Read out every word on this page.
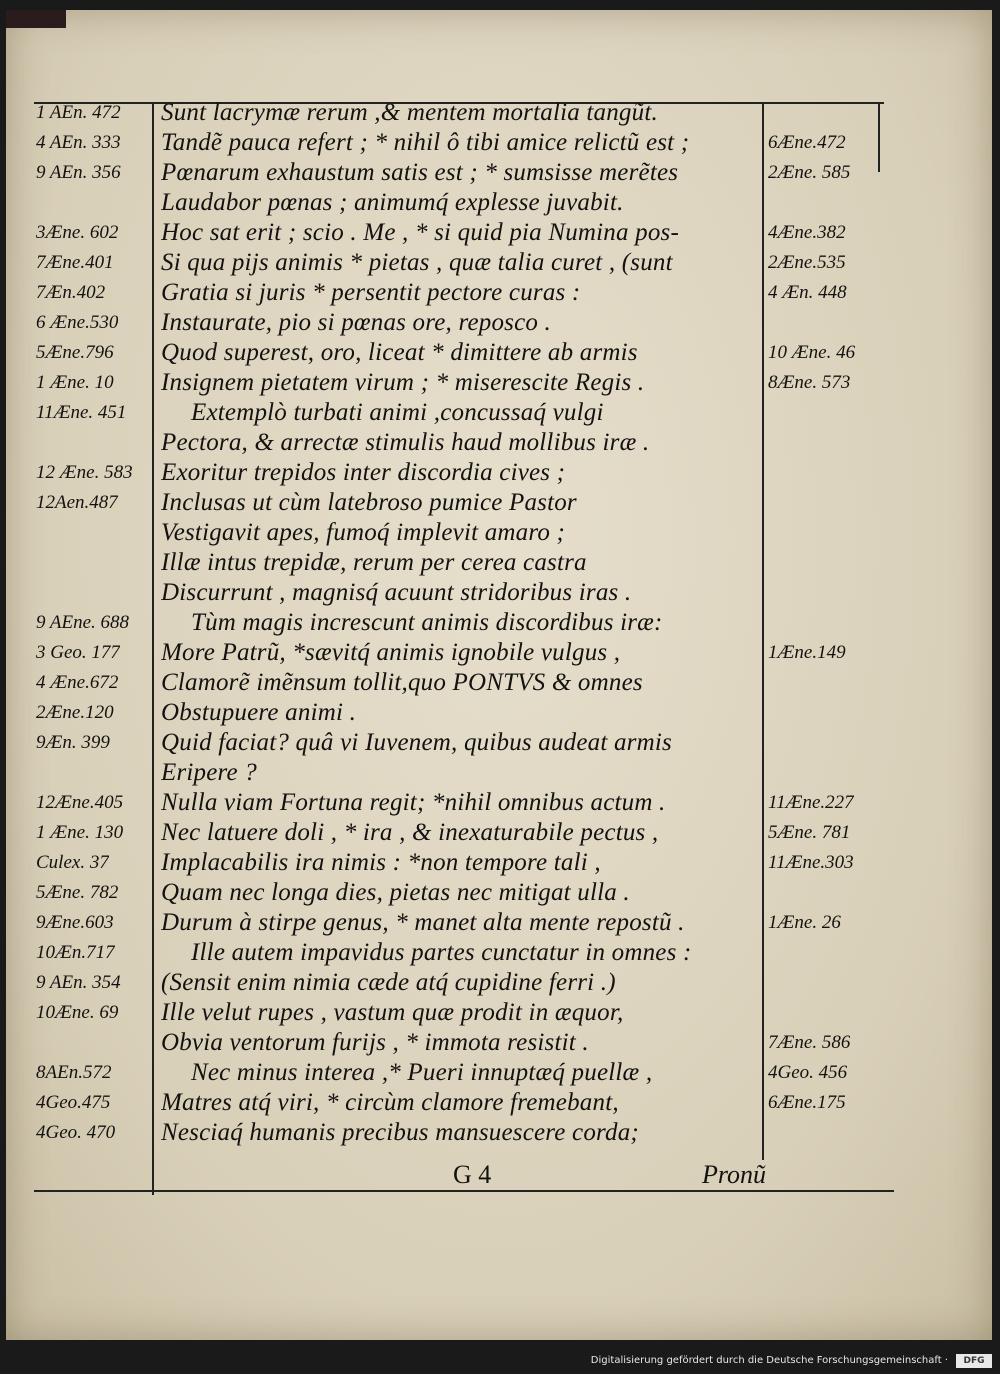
1 AEn. 472
4 AEn. 333
9 AEn. 356
3Æne. 602
7Æne.401
7Æn.402
6 Æne.530
5Æne.796
1 Æne. 10
11Æne. 451
12 Æne. 583
12Aen.487
9 AEne. 688
3 Geo. 177
4 Æne.672
2Æne.120
9Æn. 399
12Æne.405
1 Æne. 130
Culex. 37
5Æne. 782
9Æne.603
10Æn.717
9 AEn. 354
10Æne. 69
8AEn.572
4Geo.475
4Geo. 470
Sunt lacrymæ rerum ,& mentem mortalia tangũt.
Tandẽ pauca refert ; * nihil ô tibi amice relictũ est ;
Pœnarum exhaustum satis est ; * sumsisse merẽtes
Laudabor pœnas ; animumq́ explesse juvabit.
Hoc sat erit ; scio . Me , * si quid pia Numina pos-
Si qua pijs animis * pietas , quæ talia curet , (sunt
Gratia si juris * persentit pectore curas :
Instaurate, pio si pœnas ore, reposco .
Quod superest, oro, liceat * dimittere ab armis
Insignem pietatem virum ; * miserescite Regis .
Extemplò turbati animi ,concussaq́ vulgi
Pectora, & arrectæ stimulis haud mollibus iræ .
Exoritur trepidos inter discordia cives ;
Inclusas ut cùm latebroso pumice Pastor
Vestigavit apes, fumoq́ implevit amaro ;
Illæ intus trepidæ, rerum per cerea castra
Discurrunt , magnisq́ acuunt stridoribus iras .
Tùm magis increscunt animis discordibus iræ:
More Patrũ, *sævitq́ animis ignobile vulgus ,
Clamorẽ imẽnsum tollit,quo PONTVS & omnes
Obstupuere animi .
Quid faciat? quâ vi Iuvenem, quibus audeat armis
Eripere ?
Nulla viam Fortuna regit; *nihil omnibus actum .
Nec latuere doli , * ira , & inexaturabile pectus ,
Implacabilis ira nimis : *non tempore tali ,
Quam nec longa dies, pietas nec mitigat ulla .
Durum à stirpe genus, * manet alta mente repostũ .
Ille autem impavidus partes cunctatur in omnes :
(Sensit enim nimia cæde atq́ cupidine ferri .)
Ille velut rupes , vastum quæ prodit in æquor,
Obvia ventorum furijs , * immota resistit .
Nec minus interea ,* Pueri innuptæq́ puellæ ,
Matres atq́ viri, * circùm clamore fremebant,
Nesciaq́ humanis precibus mansuescere corda;
6Æne.472
2Æne. 585
4Æne.382
2Æne.535
4 Æn. 448
10 Æne. 46
8Æne. 573
1Æne.149
11Æne.227
5Æne. 781
11Æne.303
1Æne. 26
7Æne. 586
4Geo. 456
6Æne.175
G 4	Pronũ
Digitalisierung gefördert durch die Deutsche Forschungsgemeinschaft ·	DFG
